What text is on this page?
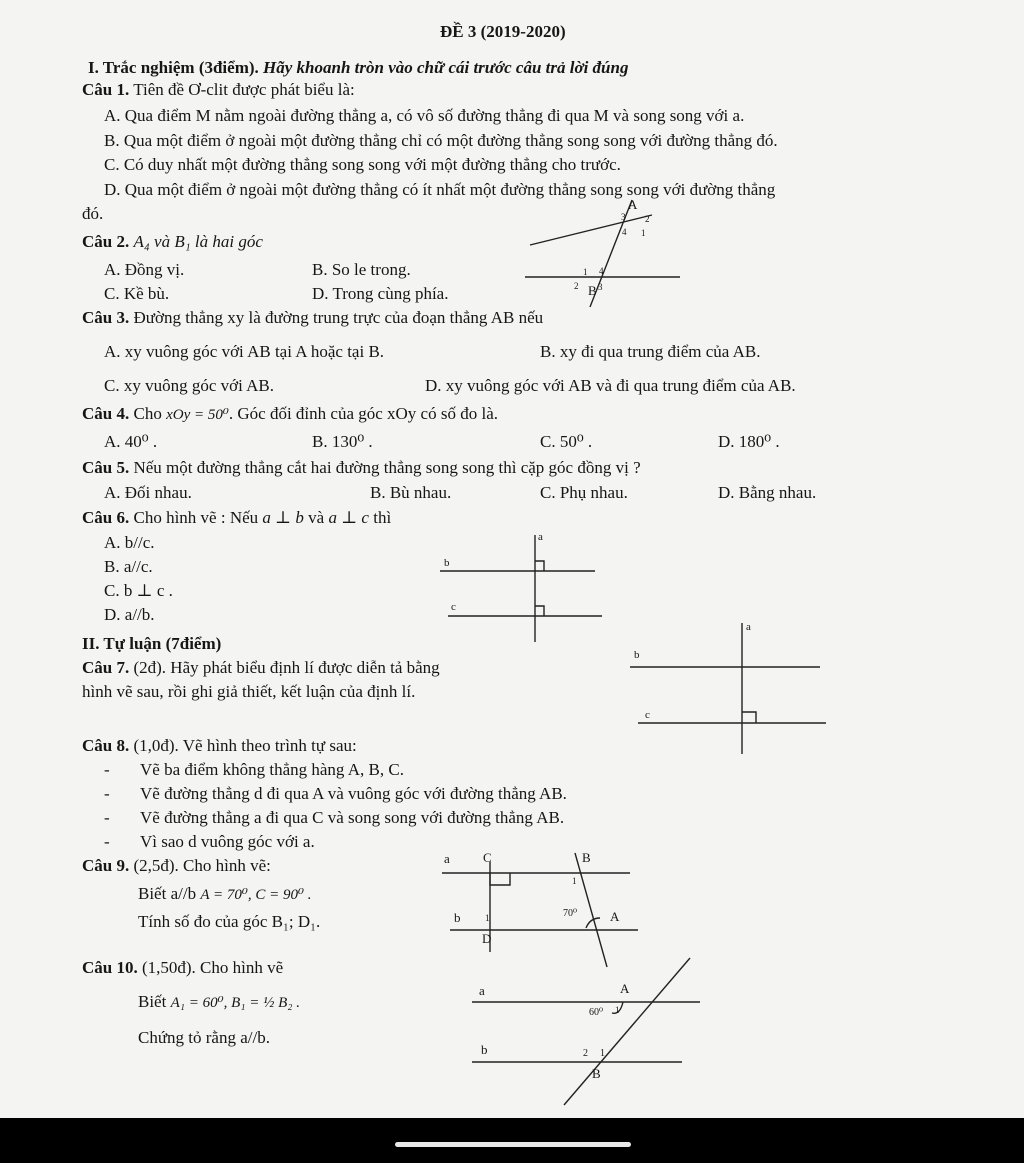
ĐỀ 3 (2019-2020)
I. Trắc nghiệm (3điểm). Hãy khoanh tròn vào chữ cái trước câu trả lời đúng
Câu 1. Tiên đề Ơ-clit được phát biểu là:
A. Qua điểm M nằm ngoài đường thẳng a, có vô số đường thẳng đi qua M và song song với a.
B. Qua một điểm ở ngoài một đường thẳng chỉ có một đường thẳng song song với đường thẳng đó.
C. Có duy nhất một đường thẳng song song với một đường thẳng cho trước.
D. Qua một điểm ở ngoài một đường thẳng có ít nhất một đường thẳng song song với đường thẳng
đó.
Câu 2. A₄ và B₁ là hai góc
A. Đồng vị.	B. So le trong.
C. Kề bù.	D. Trong cùng phía.
A
2
3
4 1
4
1
2 B 3
Câu 3. Đường thẳng xy là đường trung trực của đoạn thẳng AB nếu
A. xy vuông góc với AB tại A hoặc tại B.	B. xy đi qua trung điểm của AB.
C. xy vuông góc với AB.	D. xy vuông góc với AB và đi qua trung điểm của AB.
Câu 4. Cho xOy = 50⁰. Góc đối đỉnh của góc xOy có số đo là.
A. 40⁰ .	B. 130⁰ .	C. 50⁰ .	D. 180⁰ .
Câu 5. Nếu một đường thẳng cắt hai đường thẳng song song thì cặp góc đồng vị ?
A. Đối nhau.	B. Bù nhau.	C. Phụ nhau.	D. Bằng nhau.
Câu 6. Cho hình vẽ : Nếu a ⊥ b và a ⊥ c thì
A. b//c.
B. a//c.
C. b ⊥ c .
D. a//b.
a
b
c
II. Tự luận (7điểm)
Câu 7. (2đ). Hãy phát biểu định lí được diễn tả bằng
hình vẽ sau, rồi ghi giả thiết, kết luận của định lí.
a
b
c
Câu 8. (1,0đ). Vẽ hình theo trình tự sau:
- Vẽ ba điểm không thẳng hàng A, B, C.
- Vẽ đường thẳng d đi qua A và vuông góc với đường thẳng AB.
- Vẽ đường thẳng a đi qua C và song song với đường thẳng AB.
- Vì sao d vuông góc với a.
Câu 9. (2,5đ). Cho hình vẽ:
Biết a//b A = 70⁰, C = 90⁰ .
Tính số đo của góc B₁; D₁.
a	C	B
1
b	1	70⁰	A
D
Câu 10. (1,50đ). Cho hình vẽ
Biết A₁ = 60⁰, B₁ = ½ B₂ .
Chứng tỏ rằng a//b.
a	A
60⁰ 1
b	2 1
B
